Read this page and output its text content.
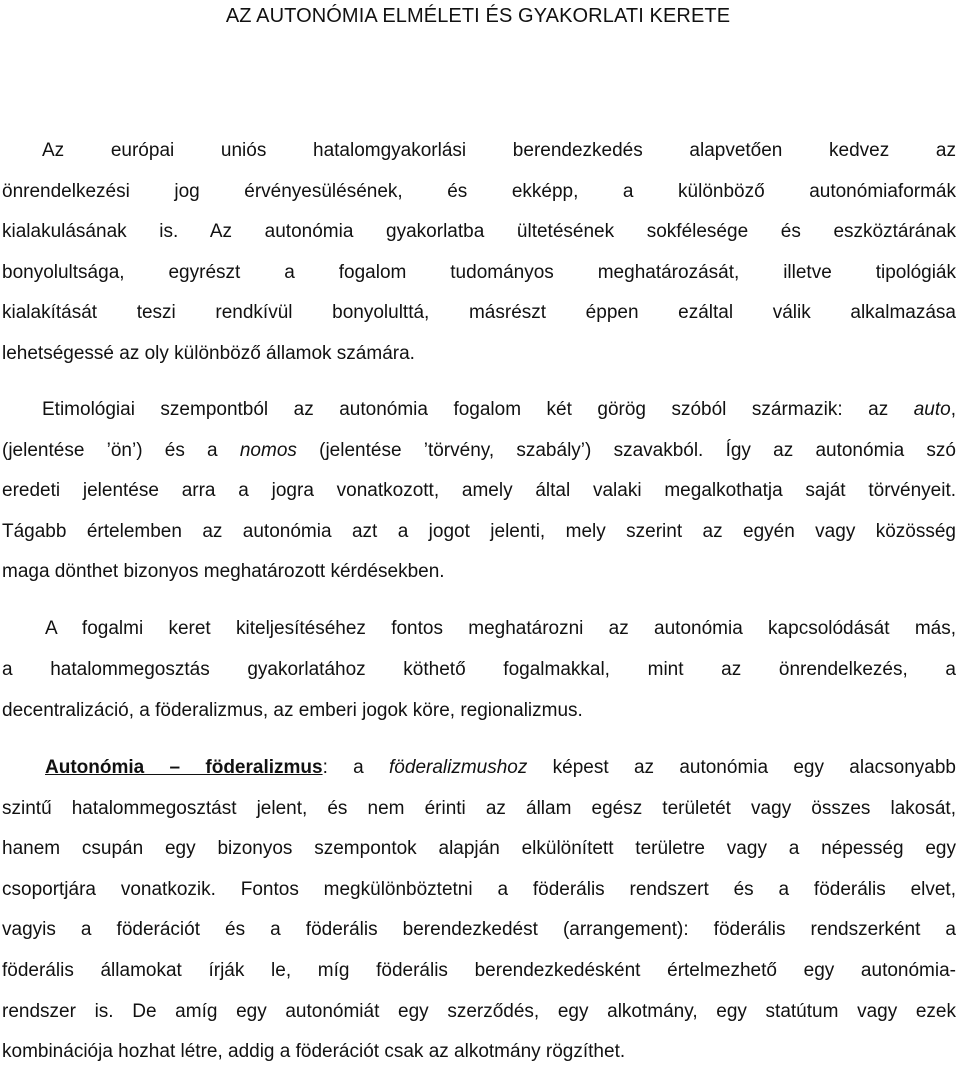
AZ AUTONÓMIA ELMÉLETI ÉS GYAKORLATI KERETE
Az európai uniós hatalomgyakorlási berendezkedés alapvetően kedvez az
önrendelkezési jog érvényesülésének, és ekképp, a különböző autonómiaformák
kialakulásának is. Az autonómia gyakorlatba ültetésének sokfélesége és eszköztárának
bonyolultsága, egyrészt a fogalom tudományos meghatározását, illetve tipológiák
kialakítását teszi rendkívül bonyolulttá, másrészt éppen ezáltal válik alkalmazása
lehetségessé az oly különböző államok számára.
Etimológiai szempontból az autonómia fogalom két görög szóból származik: az auto,
(jelentése ’ön’) és a nomos (jelentése ’törvény, szabály’) szavakból. Így az autonómia szó
eredeti jelentése arra a jogra vonatkozott, amely által valaki megalkothatja saját törvényeit.
Tágabb értelemben az autonómia azt a jogot jelenti, mely szerint az egyén vagy közösség
maga dönthet bizonyos meghatározott kérdésekben.
A fogalmi keret kiteljesítéséhez fontos meghatározni az autonómia kapcsolódását más,
a hatalommegosztás gyakorlatához köthető fogalmakkal, mint az önrendelkezés, a
decentralizáció, a föderalizmus, az emberi jogok köre, regionalizmus.
Autonómia – föderalizmus: a föderalizmushoz képest az autonómia egy alacsonyabb
szintű hatalommegosztást jelent, és nem érinti az állam egész területét vagy összes lakosát,
hanem csupán egy bizonyos szempontok alapján elkülönített területre vagy a népesség egy
csoportjára vonatkozik. Fontos megkülönböztetni a föderális rendszert és a föderális elvet,
vagyis a föderációt és a föderális berendezkedést (arrangement): föderális rendszerként a
föderális államokat írják le, míg föderális berendezkedésként értelmezhető egy autonómia-
rendszer is. De amíg egy autonómiát egy szerződés, egy alkotmány, egy statútum vagy ezek
kombinációja hozhat létre, addig a föderációt csak az alkotmány rögzíthet.
